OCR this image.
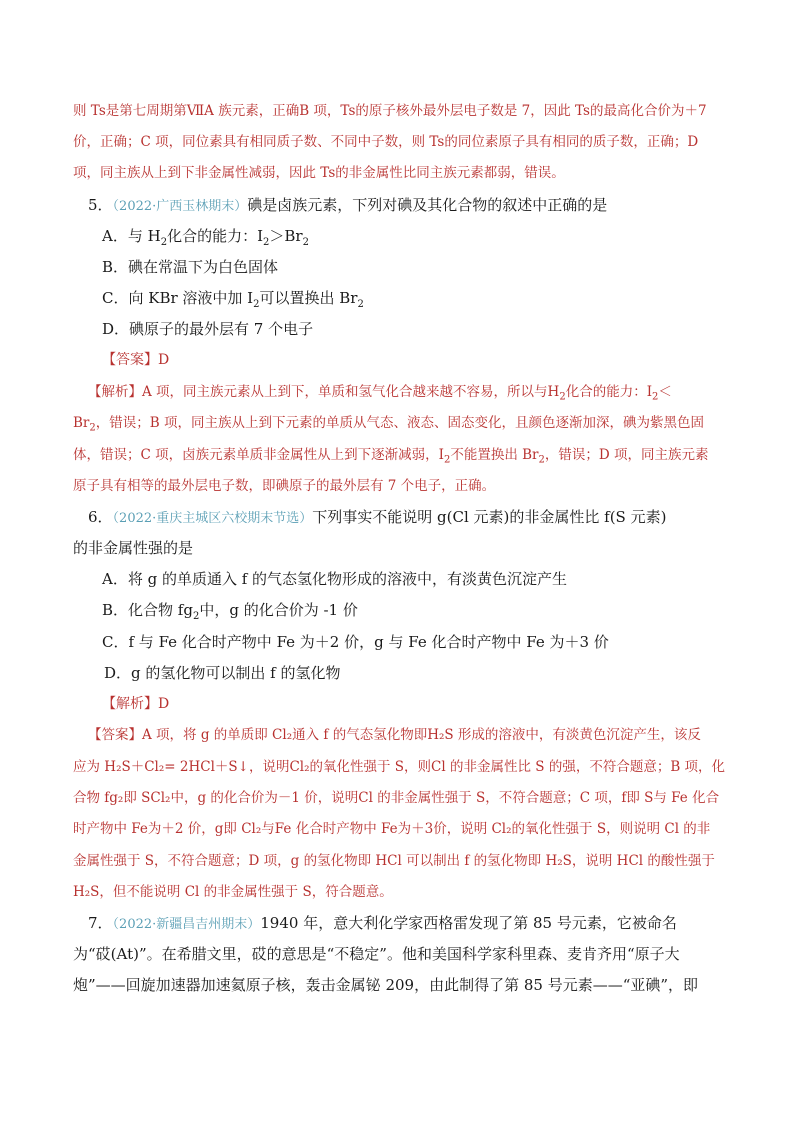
则 Ts是第七周期第ⅦA 族元素，正确B 项，Ts的原子核外最外层电子数是 7，因此 Ts的最高化合价为＋7
价，正确；C 项，同位素具有相同质子数、不同中子数，则 Ts的同位素原子具有相同的质子数，正确；D
项，同主族从上到下非金属性减弱，因此 Ts的非金属性比同主族元素都弱，错误。
5．（2022·广西玉林期末）碘是卤族元素，下列对碘及其化合物的叙述中正确的是
A．与 $H_2$化合的能力：$I_2>Br_2$
B．碘在常温下为白色固体
C．向 KBr 溶液中加 $I_2$可以置换出 $Br_2$
D．碘原子的最外层有 7 个电子
【答案】D
【解析】A 项，同主族元素从上到下，单质和氢气化合越来越不容易，所以与$H_2$化合的能力：$I_2<$
$Br_2$，错误；B 项，同主族从上到下元素的单质从气态、液态、固态变化，且颜色逐渐加深，碘为紫黑色固
体，错误；C 项，卤族元素单质非金属性从上到下逐渐减弱，$I_2$不能置换出 $Br_2$，错误；D 项，同主族元素
原子具有相等的最外层电子数，即碘原子的最外层有 7 个电子，正确。
6．（2022·重庆主城区六校期末节选）下列事实不能说明 g(Cl 元素)的非金属性比 f(S 元素)
的非金属性强的是
A．将 g 的单质通入 f 的气态氢化物形成的溶液中，有淡黄色沉淀产生
B．化合物 $fg_2$中，g 的化合价为 -1 价
C．f 与 Fe 化合时产物中 Fe 为＋2 价，g 与 Fe 化合时产物中 Fe 为＋3 价
D．g 的氢化物可以制出 f 的氢化物
【解析】D
【答案】A 项，将 g 的单质即 Cl₂通入 f 的气态氢化物即H₂S 形成的溶液中，有淡黄色沉淀产生，该反
应为 H₂S＋Cl₂= 2HCl＋S↓，说明Cl₂的氧化性强于 S，则Cl 的非金属性比 S 的强，不符合题意；B 项，化
合物 fg₂即 SCl₂中，g 的化合价为－1 价，说明Cl 的非金属性强于 S，不符合题意；C 项，f即 S与 Fe 化合
时产物中 Fe为＋2 价，g即 Cl₂与Fe 化合时产物中 Fe为＋3价，说明 Cl₂的氧化性强于 S，则说明 Cl 的非
金属性强于 S，不符合题意；D 项，g 的氢化物即 HCl 可以制出 f 的氢化物即 H₂S，说明 HCl 的酸性强于
H₂S，但不能说明 Cl 的非金属性强于 S，符合题意。
7．（2022·新疆昌吉州期末）1940 年，意大利化学家西格雷发现了第 85 号元素，它被命名
为“砹(At)”。在希腊文里，砹的意思是“不稳定”。他和美国科学家科里森、麦肯齐用“原子大
炮”——回旋加速器加速氦原子核，轰击金属铋 209，由此制得了第 85 号元素——“亚碘”，即
